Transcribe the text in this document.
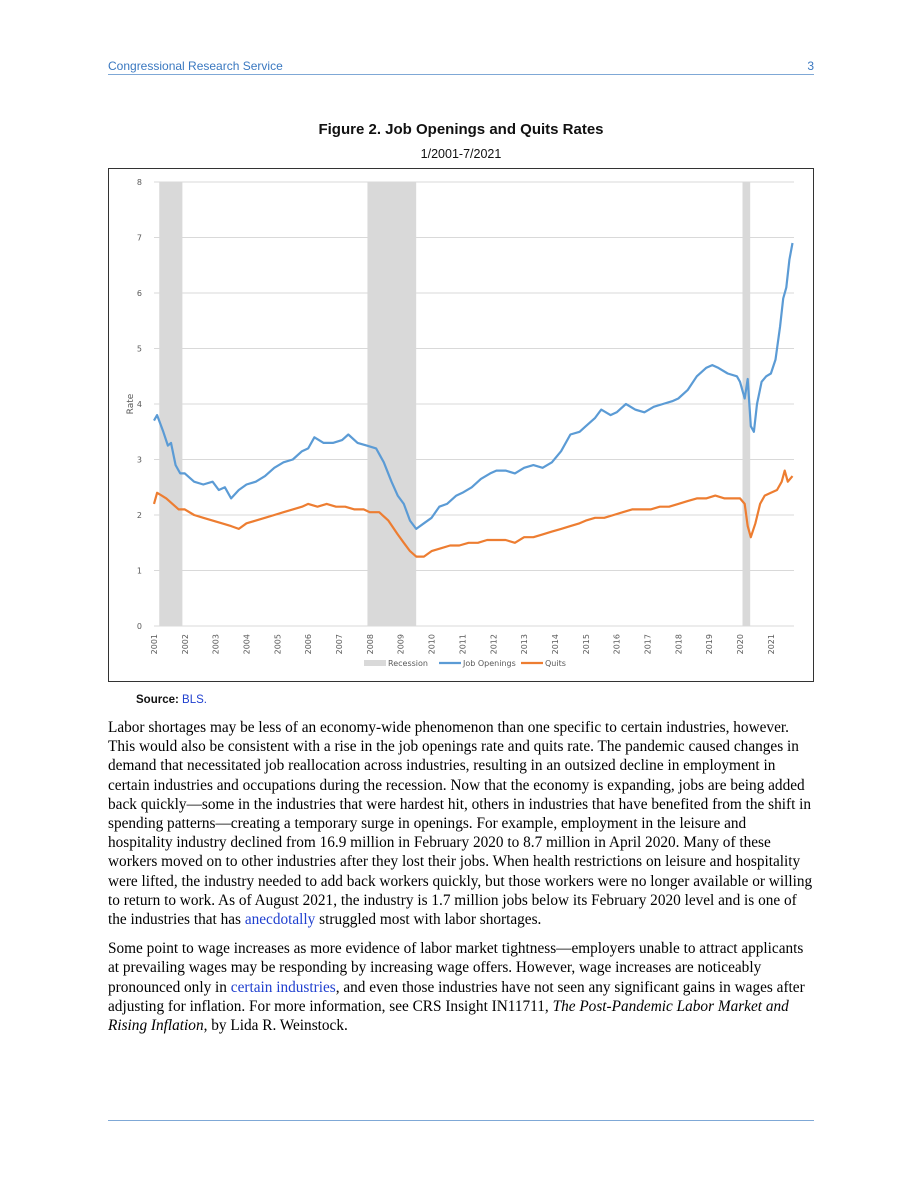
Congressional Research Service	3
Figure 2. Job Openings and Quits Rates
1/2001-7/2021
0
1
2
3
4
5
6
7
8
Rate
2001	2002	2003	2004	2005	2006	2007	2008	2009	2010	2011	2012	2013	2014	2015	2016	2017	2018	2019	2020	2021
Recession	Job Openings	Quits
Source: BLS.

Labor shortages may be less of an economy-wide phenomenon than one specific to certain industries, however. This would also be consistent with a rise in the job openings rate and quits rate. The pandemic caused changes in demand that necessitated job reallocation across industries, resulting in an outsized decline in employment in certain industries and occupations during the recession. Now that the economy is expanding, jobs are being added back quickly—some in the industries that were hardest hit, others in industries that have benefited from the shift in spending patterns—creating a temporary surge in openings. For example, employment in the leisure and hospitality industry declined from 16.9 million in February 2020 to 8.7 million in April 2020. Many of these workers moved on to other industries after they lost their jobs. When health restrictions on leisure and hospitality were lifted, the industry needed to add back workers quickly, but those workers were no longer available or willing to return to work. As of August 2021, the industry is 1.7 million jobs below its February 2020 level and is one of the industries that has anecdotally struggled most with labor shortages.

Some point to wage increases as more evidence of labor market tightness—employers unable to attract applicants at prevailing wages may be responding by increasing wage offers. However, wage increases are noticeably pronounced only in certain industries, and even those industries have not seen any significant gains in wages after adjusting for inflation. For more information, see CRS Insight IN11711, The Post-Pandemic Labor Market and Rising Inflation, by Lida R. Weinstock.
